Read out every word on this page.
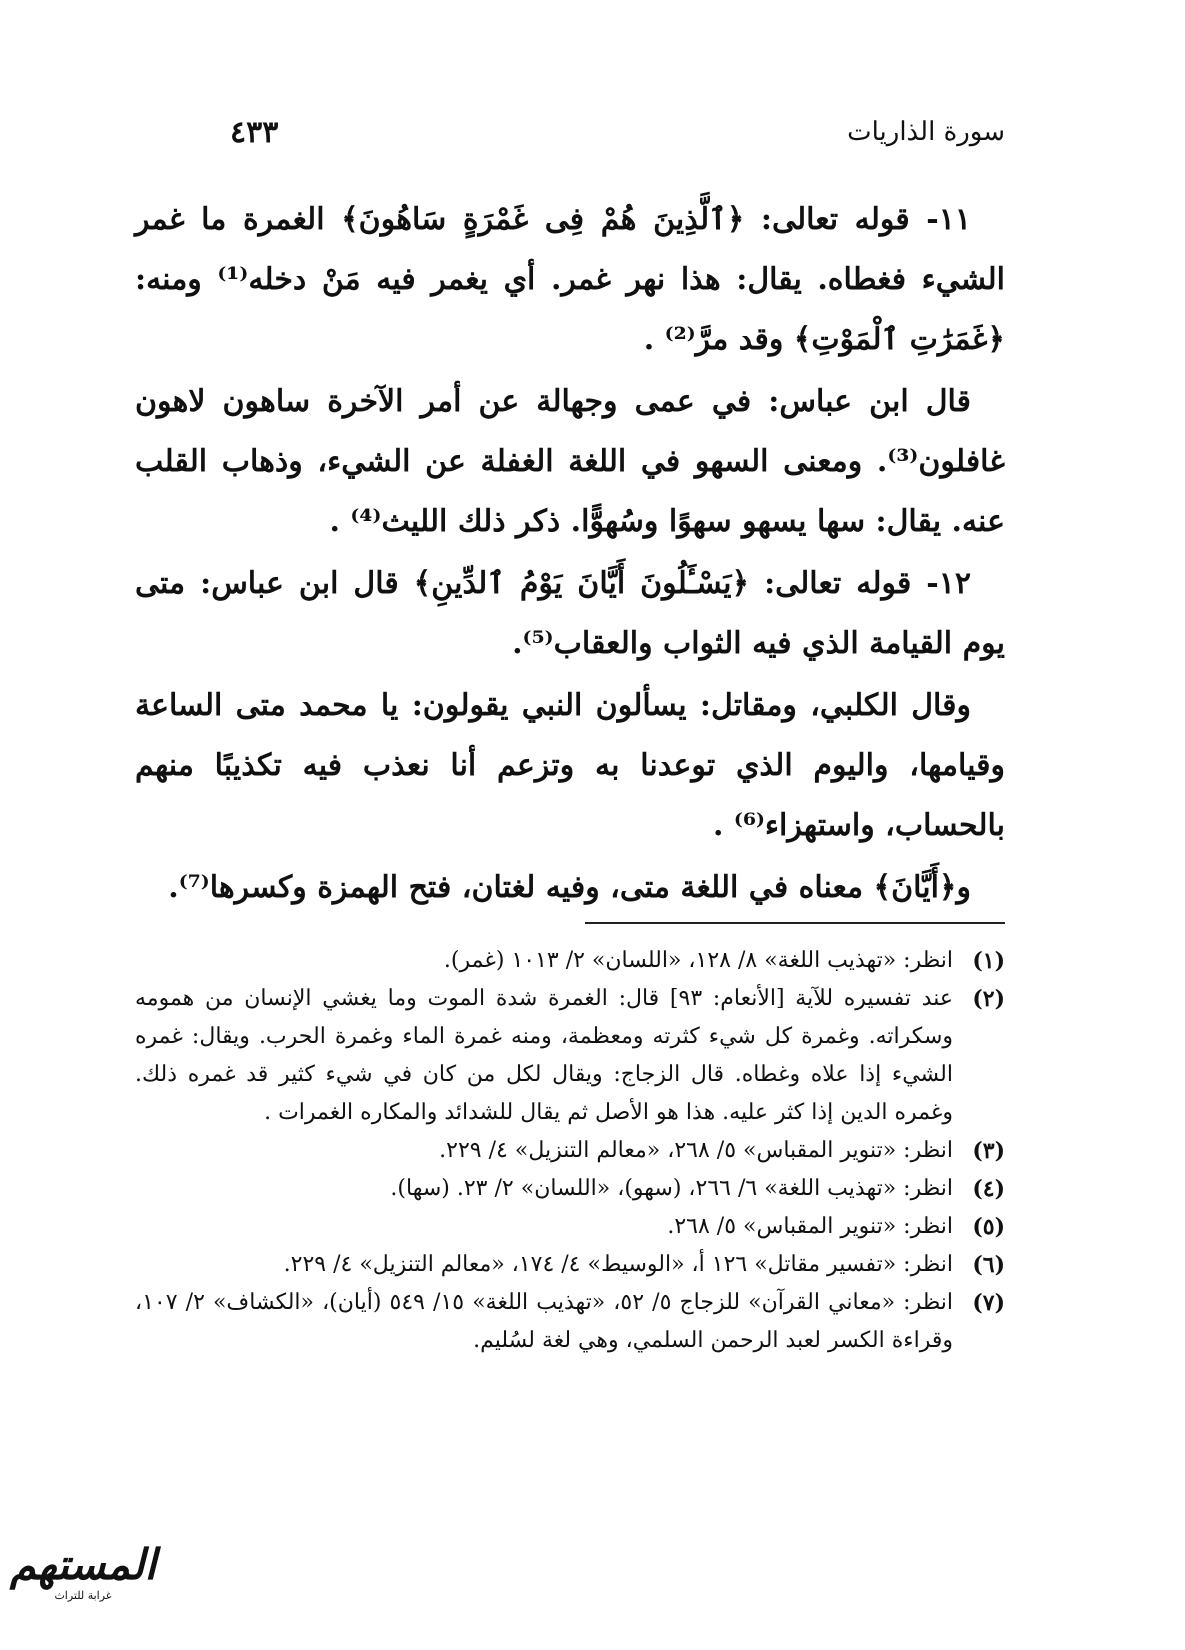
سورة الذاريات
٤٣٣

١١- قوله تعالى: ﴿ٱلَّذِينَ هُمْ فِى غَمْرَةٍ سَاهُونَ﴾ الغمرة ما غمر الشيء فغطاه. يقال: هذا نهر غمر. أي يغمر فيه مَنْ دخله⁽¹⁾ ومنه: ﴿غَمَرَٰتِ ٱلْمَوْتِ﴾ وقد مرَّ⁽²⁾ .

قال ابن عباس: في عمى وجهالة عن أمر الآخرة ساهون لاهون غافلون⁽³⁾. ومعنى السهو في اللغة الغفلة عن الشيء، وذهاب القلب عنه. يقال: سها يسهو سهوًا وسُهوًّا. ذكر ذلك الليث⁽⁴⁾ .

١٢- قوله تعالى: ﴿يَسْـَٔلُونَ أَيَّانَ يَوْمُ ٱلدِّينِ﴾ قال ابن عباس: متى يوم القيامة الذي فيه الثواب والعقاب⁽⁵⁾.

وقال الكلبي، ومقاتل: يسألون النبي يقولون: يا محمد متى الساعة وقيامها، واليوم الذي توعدنا به وتزعم أنا نعذب فيه تكذيبًا منهم بالحساب، واستهزاء⁽⁶⁾ .

و﴿أَيَّانَ﴾ معناه في اللغة متى، وفيه لغتان، فتح الهمزة وكسرها⁽⁷⁾.

(١)
انظر: «تهذيب اللغة» ٨/ ١٢٨، «اللسان» ٢/ ١٠١٣ (غمر).
(٢)
عند تفسيره للآية [الأنعام: ٩٣] قال: الغمرة شدة الموت وما يغشي الإنسان من همومه وسكراته. وغمرة كل شيء كثرته ومعظمة، ومنه غمرة الماء وغمرة الحرب. ويقال: غمره الشيء إذا علاه وغطاه. قال الزجاج: ويقال لكل من كان في شيء كثير قد غمره ذلك. وغمره الدين إذا كثر عليه. هذا هو الأصل ثم يقال للشدائد والمكاره الغمرات .
(٣)
انظر: «تنوير المقباس» ٥/ ٢٦٨، «معالم التنزيل» ٤/ ٢٢٩.
(٤)
انظر: «تهذيب اللغة» ٦/ ٢٦٦، (سهو)، «اللسان» ٢/ ٢٣. (سها).
(٥)
انظر: «تنوير المقباس» ٥/ ٢٦٨.
(٦)
انظر: «تفسير مقاتل» ١٢٦ أ، «الوسيط» ٤/ ١٧٤، «معالم التنزيل» ٤/ ٢٢٩.
(٧)
انظر: «معاني القرآن» للزجاج ٥/ ٥٢، «تهذيب اللغة» ١٥/ ٥٤٩ (أيان)، «الكشاف» ٢/ ١٠٧، وقراءة الكسر لعبد الرحمن السلمي، وهي لغة لسُليم.
المستهم
غرابة للتراث
